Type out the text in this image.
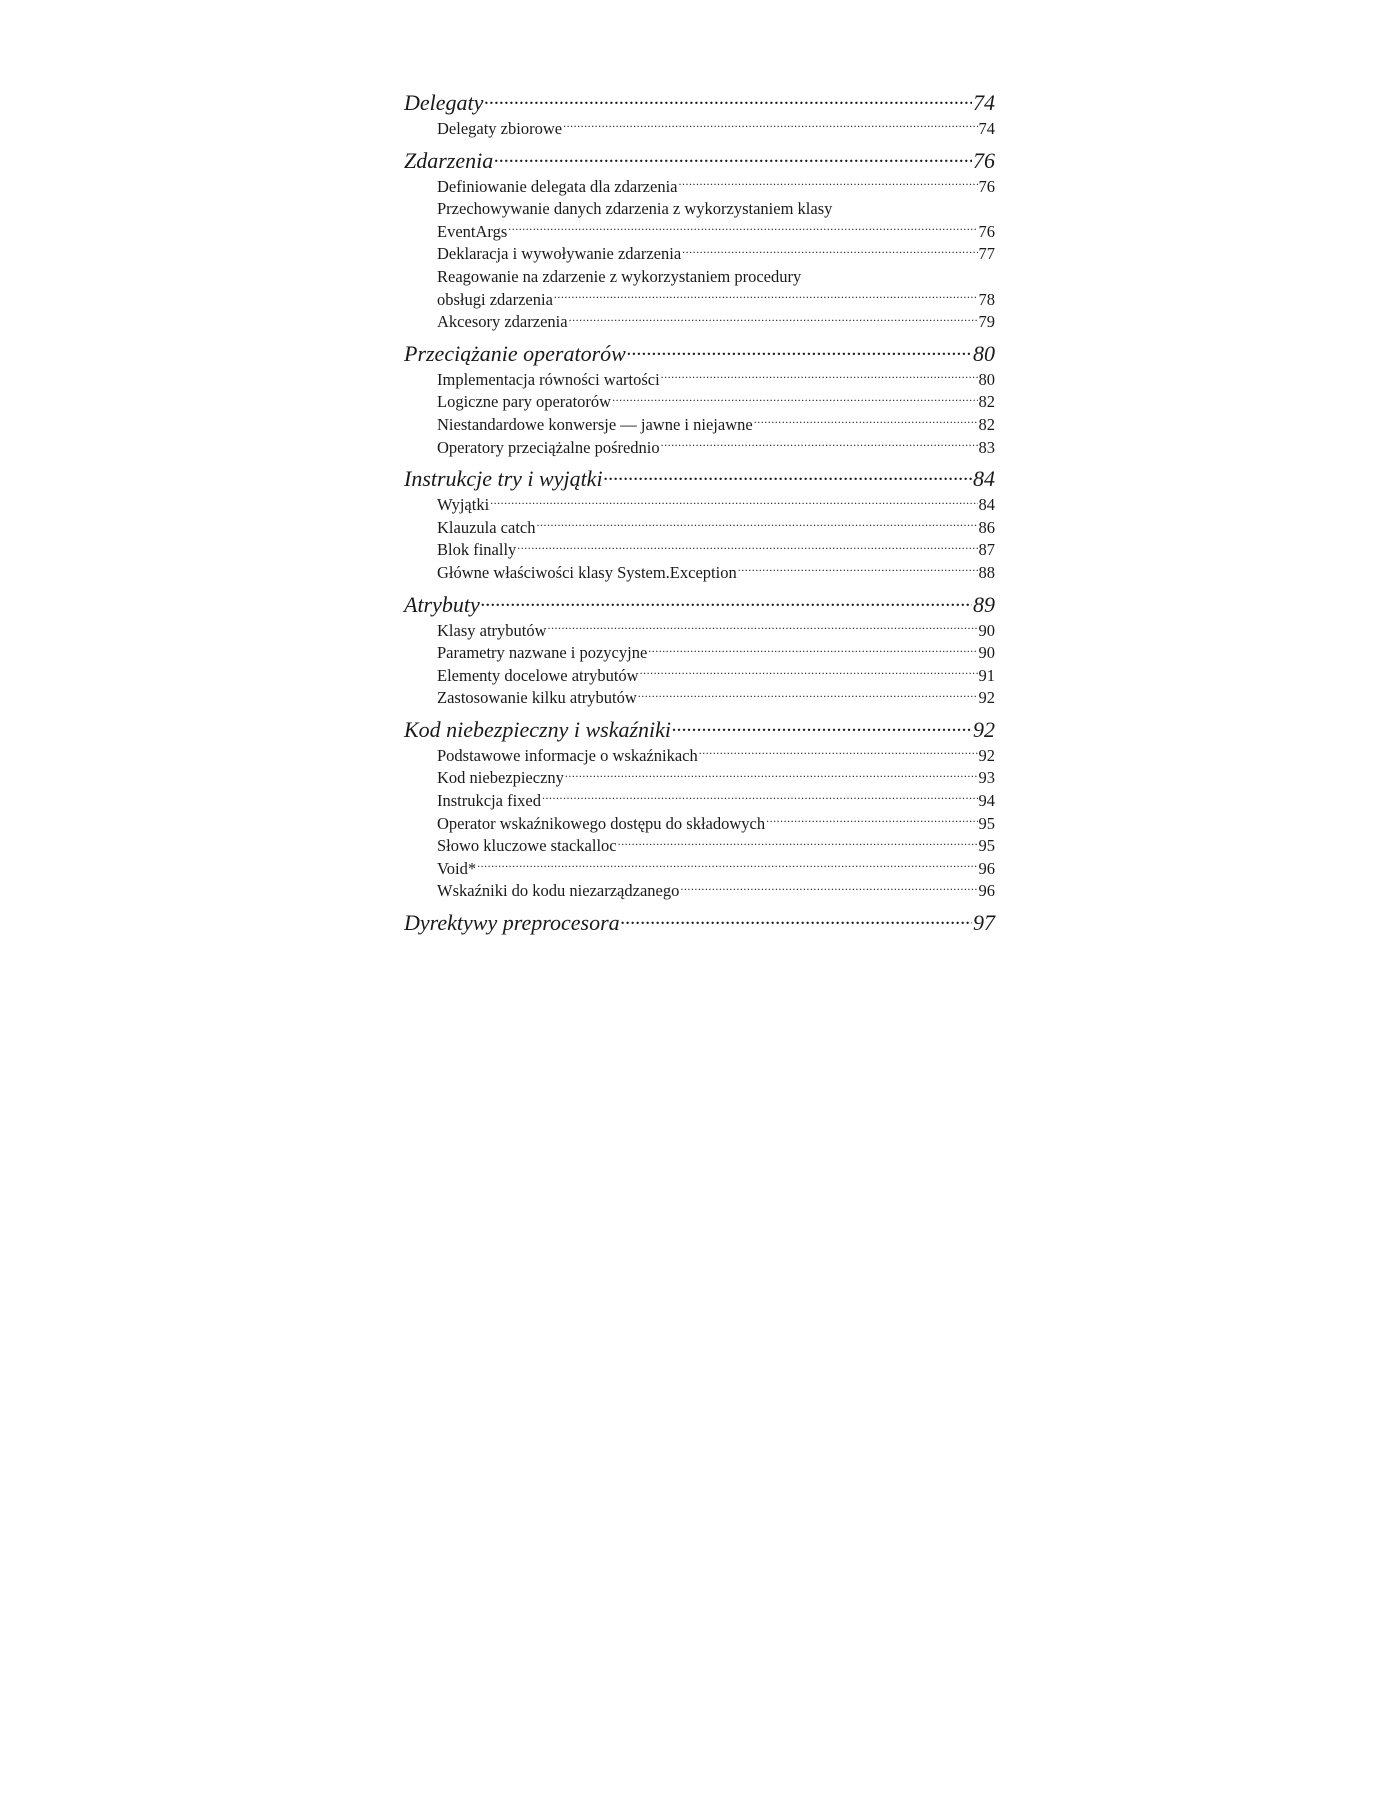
Delegaty .....	74
Delegaty zbiorowe .....	74
Zdarzenia .....	76
Definiowanie delegata dla zdarzenia .....	76
Przechowywanie danych zdarzenia z wykorzystaniem klasy
EventArgs .....	76
Deklaracja i wywoływanie zdarzenia .....	77
Reagowanie na zdarzenie z wykorzystaniem procedury
obsługi zdarzenia .....	78
Akcesory zdarzenia .....	79
Przeciążanie operatorów .....	80
Implementacja równości wartości .....	80
Logiczne pary operatorów .....	82
Niestandardowe konwersje — jawne i niejawne .....	82
Operatory przeciążalne pośrednio .....	83
Instrukcje try i wyjątki .....	84
Wyjątki .....	84
Klauzula catch .....	86
Blok finally .....	87
Główne właściwości klasy System.Exception .....	88
Atrybuty .....	89
Klasy atrybutów .....	90
Parametry nazwane i pozycyjne .....	90
Elementy docelowe atrybutów .....	91
Zastosowanie kilku atrybutów .....	92
Kod niebezpieczny i wskaźniki .....	92
Podstawowe informacje o wskaźnikach .....	92
Kod niebezpieczny .....	93
Instrukcja fixed .....	94
Operator wskaźnikowego dostępu do składowych .....	95
Słowo kluczowe stackalloc .....	95
Void* .....	96
Wskaźniki do kodu niezarządzanego .....	96
Dyrektywy preprocesora .....	97
